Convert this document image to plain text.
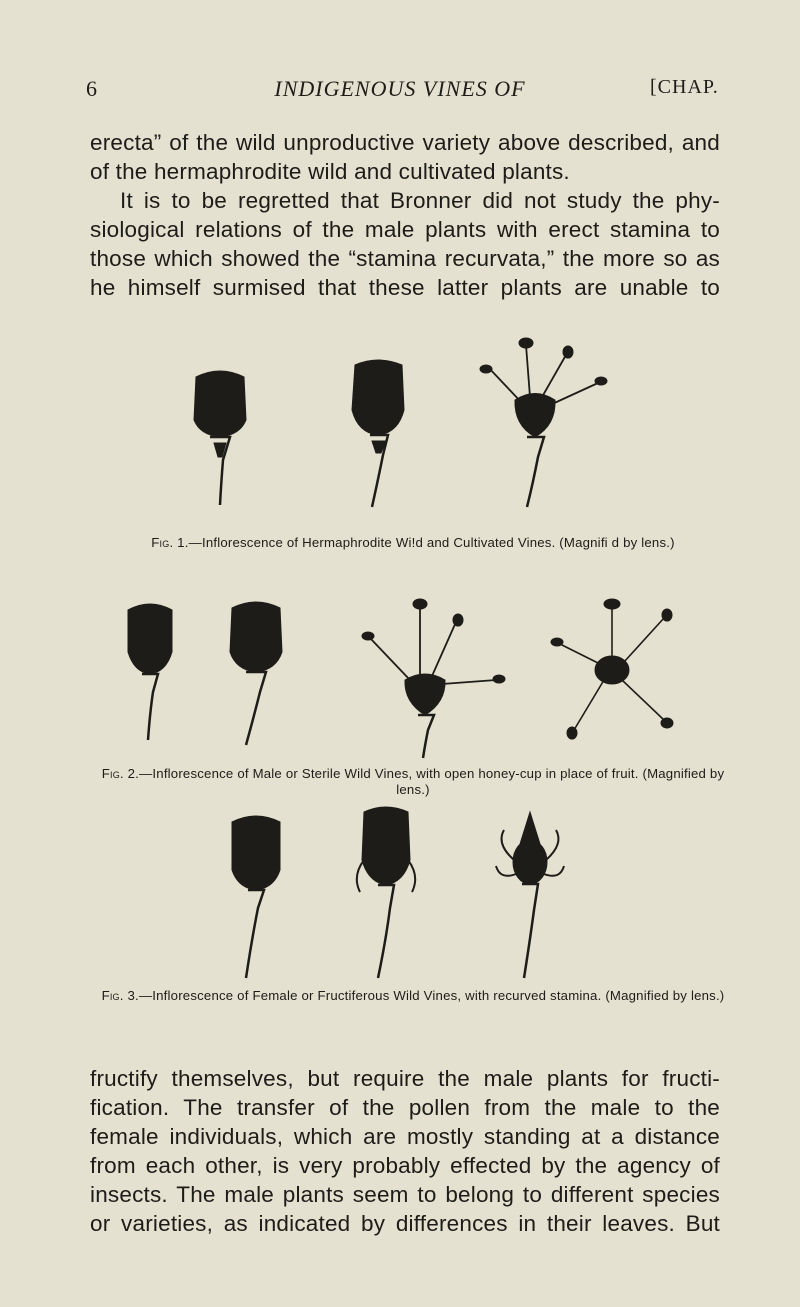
6	INDIGENOUS VINES OF	[CHAP.
erecta” of the wild unproductive variety above described, and
of the hermaphrodite wild and cultivated plants.
It is to be regretted that Bronner did not study the phy-
siological relations of the male plants with erect stamina to
those which showed the “stamina recurvata,” the more so as
he himself surmised that these latter plants are unable to
Fig. 1.—Inflorescence of Hermaphrodite Wi!d and Cultivated Vines. (Magnifi d by lens.)
Fig. 2.—Inflorescence of Male or Sterile Wild Vines, with open honey-cup in place of fruit. (Magnified by lens.)
Fig. 3.—Inflorescence of Female or Fructiferous Wild Vines, with recurved stamina. (Magnified by lens.)
fructify themselves, but require the male plants for fructi-
fication. The transfer of the pollen from the male to the
female individuals, which are mostly standing at a distance
from each other, is very probably effected by the agency of
insects. The male plants seem to belong to different species
or varieties, as indicated by differences in their leaves. But
